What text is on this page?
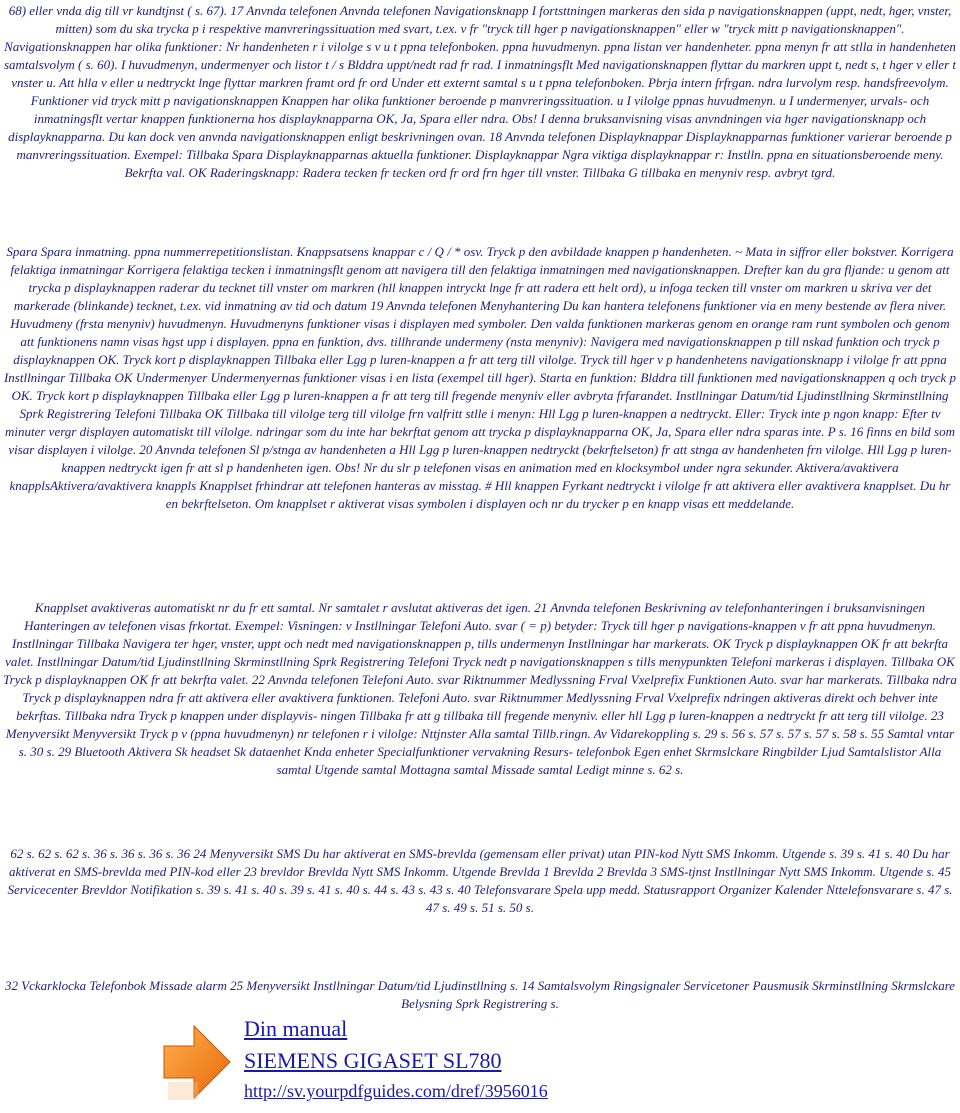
68) eller vnda dig till vr kundtjnst ( s. 67). 17 Anvnda telefonen Anvnda telefonen Navigationsknapp I fortsttningen markeras den sida p navigationsknappen (uppt, nedt, hger, vnster, mitten) som du ska trycka p i respektive manvreringssituation med svart, t.ex. v fr "tryck till hger p navigationsknappen" eller w "tryck mitt p navigationsknappen". Navigationsknappen har olika funktioner: Nr handenheten r i vilolge s v u t ppna telefonboken. ppna huvudmenyn. ppna listan ver handenheter. ppna menyn fr att stlla in handenheten samtalsvolym ( s. 60). I huvudmenyn, undermenyer och listor t / s Blddra uppt/nedt rad fr rad. I inmatningsflt Med navigationsknappen flyttar du markren uppt t, nedt s, t hger v eller t vnster u. Att hlla v eller u nedtryckt lnge flyttar markren framt ord fr ord Under ett externt samtal s u t ppna telefonboken. Pbrja intern frfrgan. ndra lurvolym resp. handsfreevolym. Funktioner vid tryck mitt p navigationsknappen Knappen har olika funktioner beroende p manvreringssituation. u I vilolge ppnas huvudmenyn. u I undermenyer, urvals- och inmatningsflt vertar knappen funktionerna hos displayknapparna OK, Ja, Spara eller ndra. Obs! I denna bruksanvisning visas anvndningen via hger navigationsknapp och displayknapparna. Du kan dock ven anvnda navigationsknappen enligt beskrivningen ovan. 18 Anvnda telefonen Displayknappar Displayknapparnas funktioner varierar beroende p manvreringssituation. Exempel: Tillbaka Spara Displayknapparnas aktuella funktioner. Displayknappar Ngra viktiga displayknappar r: Instlln. ppna en situationsberoende meny. Bekrfta val. OK Raderingsknapp: Radera tecken fr tecken ord fr ord frn hger till vnster. Tillbaka G tillbaka en menyniv resp. avbryt tgrd.

Spara Spara inmatning. ppna nummerrepetitionslistan. Knappsatsens knappar c / Q / * osv. Tryck p den avbildade knappen p handenheten. ~ Mata in siffror eller bokstver. Korrigera felaktiga inmatningar Korrigera felaktiga tecken i inmatningsflt genom att navigera till den felaktiga inmatningen med navigationsknappen. Drefter kan du gra fljande: u genom att trycka p displayknappen raderar du tecknet till vnster om markren (hll knappen intryckt lnge fr att radera ett helt ord), u infoga tecken till vnster om markren u skriva ver det markerade (blinkande) tecknet, t.ex. vid inmatning av tid och datum 19 Anvnda telefonen Menyhantering Du kan hantera telefonens funktioner via en meny bestende av flera niver. Huvudmeny (frsta menyniv) huvudmenyn. Huvudmenyns funktioner visas i displayen med symboler. Den valda funktionen markeras genom en orange ram runt symbolen och genom att funktionens namn visas hgst upp i displayen. ppna en funktion, dvs. tillhrande undermeny (nsta menyniv): Navigera med navigationsknappen p till nskad funktion och tryck p displayknappen OK. Tryck kort p displayknappen Tillbaka eller Lgg p luren-knappen a fr att terg till vilolge. Tryck till hger v p handenhetens navigationsknapp i vilolge fr att ppna Instllningar Tillbaka OK Undermenyer Undermenyernas funktioner visas i en lista (exempel till hger). Starta en funktion: Blddra till funktionen med navigationsknappen q och tryck p OK. Tryck kort p displayknappen Tillbaka eller Lgg p luren-knappen a fr att terg till fregende menyniv eller avbryta frfarandet. Instllningar Datum/tid Ljudinstllning Skrminstllning Sprk Registrering Telefoni Tillbaka OK Tillbaka till vilolge terg till vilolge frn valfritt stlle i menyn: Hll Lgg p luren-knappen a nedtryckt. Eller: Tryck inte p ngon knapp: Efter tv minuter vergr displayen automatiskt till vilolge. ndringar som du inte har bekrftat genom att trycka p displayknapparna OK, Ja, Spara eller ndra sparas inte. P s. 16 finns en bild som visar displayen i vilolge. 20 Anvnda telefonen Sl p/stnga av handenheten a Hll Lgg p luren-knappen nedtryckt (bekrftelseton) fr att stnga av handenheten frn vilolge. Hll Lgg p luren-knappen nedtryckt igen fr att sl p handenheten igen. Obs! Nr du slr p telefonen visas en animation med en klocksymbol under ngra sekunder. Aktivera/avaktivera knapplsAktivera/avaktivera knappls Knapplset frhindrar att telefonen hanteras av misstag. # Hll knappen Fyrkant nedtryckt i vilolge fr att aktivera eller avaktivera knapplset. Du hr en bekrftelseton. Om knapplset r aktiverat visas symbolen i displayen och nr du trycker p en knapp visas ett meddelande.

Knapplset avaktiveras automatiskt nr du fr ett samtal. Nr samtalet r avslutat aktiveras det igen. 21 Anvnda telefonen Beskrivning av telefonhanteringen i bruksanvisningen Hanteringen av telefonen visas frkortat. Exempel: Visningen: v Instllningar Telefoni Auto. svar ( = p) betyder: Tryck till hger p navigations-knappen v fr att ppna huvudmenyn. Instllningar Tillbaka Navigera ter hger, vnster, uppt och nedt med navigationsknappen p, tills undermenyn Instllningar har markerats. OK Tryck p displayknappen OK fr att bekrfta valet. Instllningar Datum/tid Ljudinstllning Skrminstllning Sprk Registrering Telefoni Tryck nedt p navigationsknappen s tills menypunkten Telefoni markeras i displayen. Tillbaka OK Tryck p displayknappen OK fr att bekrfta valet. 22 Anvnda telefonen Telefoni Auto. svar Riktnummer Medlyssning Frval Vxelprefix Funktionen Auto. svar har markerats. Tillbaka ndra Tryck p displayknappen ndra fr att aktivera eller avaktivera funktionen. Telefoni Auto. svar Riktnummer Medlyssning Frval Vxelprefix ndringen aktiveras direkt och behver inte bekrftas. Tillbaka ndra Tryck p knappen under displayvis- ningen Tillbaka fr att g tillbaka till fregende menyniv. eller hll Lgg p luren-knappen a nedtryckt fr att terg till vilolge. 23 Menyversikt Menyversikt Tryck p v (ppna huvudmenyn) nr telefonen r i vilolge: Nttjnster Alla samtal Tillb.ringn. Av Vidarekoppling s. 29 s. 56 s. 57 s. 57 s. 57 s. 58 s. 55 Samtal vntar s. 30 s. 29 Bluetooth Aktivera Sk headset Sk dataenhet Knda enheter Specialfunktioner vervakning Resurs- telefonbok Egen enhet Skrmslckare Ringbilder Ljud Samtalslistor Alla samtal Utgende samtal Mottagna samtal Missade samtal Ledigt minne s. 62 s.

62 s. 62 s. 62 s. 36 s. 36 s. 36 s. 36 24 Menyversikt SMS Du har aktiverat en SMS-brevlda (gemensam eller privat) utan PIN-kod Nytt SMS Inkomm. Utgende s. 39 s. 41 s. 40 Du har aktiverat en SMS-brevlda med PIN-kod eller 23 brevldor Brevlda Nytt SMS Inkomm. Utgende Brevlda 1 Brevlda 2 Brevlda 3 SMS-tjnst Instllningar Nytt SMS Inkomm. Utgende s. 45 Servicecenter Brevldor Notifikation s. 39 s. 41 s. 40 s. 39 s. 41 s. 40 s. 44 s. 43 s. 43 s. 40 Telefonsvarare Spela upp medd. Statusrapport Organizer Kalender Nttelefonsvarare s. 47 s. 47 s. 49 s. 51 s. 50 s.

32 Vckarklocka Telefonbok Missade alarm 25 Menyversikt Instllningar Datum/tid Ljudinstllning s. 14 Samtalsvolym Ringsignaler Servicetoner Pausmusik Skrminstllning Skrmslckare Belysning Sprk Registrering s.

Din manual
SIEMENS GIGASET SL780
http://sv.yourpdfguides.com/dref/3956016
